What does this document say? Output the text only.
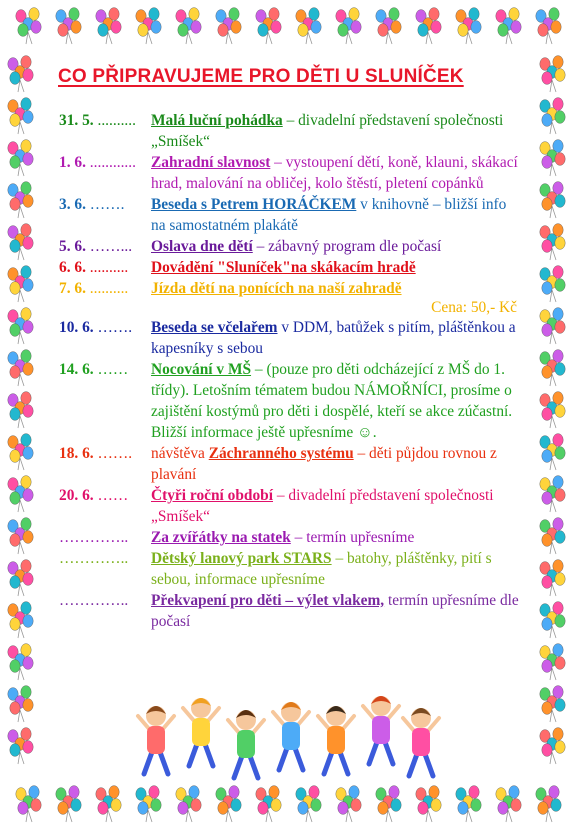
CO PŘIPRAVUJEME PRO DĚTI U SLUNÍČEK
31. 5. .......... Malá luční pohádka – divadelní představení společnosti „Smíšek“
1. 6. ............ Zahradní slavnost – vystoupení dětí, koně, klauni, skákací hrad, malování na obličej, kolo štěstí, pletení copánků
3. 6. …….	Beseda s Petrem HORÁČKEM v knihovně – bližší info na samostatném plakátě
5. 6. ……...	Oslava dne dětí – zábavný program dle počasí
6. 6. ..........	Dovádění "Sluníček"na skákacím hradě
7. 6. ..........	Jízda dětí na ponících na naší zahradě
Cena: 50,- Kč
10. 6. …….	Beseda se včelařem v DDM, batůžek s pitím, pláštěnkou a kapesníky s sebou
14. 6. ……	Nocování v MŠ – (pouze pro děti odcházející z MŠ do 1. třídy). Letošním tématem budou NÁMOŘNÍCI, prosíme o zajištění kostýmů pro děti i dospělé, kteří se akce zúčastní. Bližší informace ještě upřesníme ☺.
18. 6. …….	návštěva Záchranného systému – děti půjdou rovnou z plavání
20. 6. ……	Čtyři roční období – divadelní představení společnosti „Smíšek“
…………..	Za zvířátky na statek – termín upřesníme
…………..	Dětský lanový park STARS – batohy, pláštěnky, pití s sebou, informace upřesníme
…………..	Překvapení pro děti – výlet vlakem, termín upřesníme dle počasí
